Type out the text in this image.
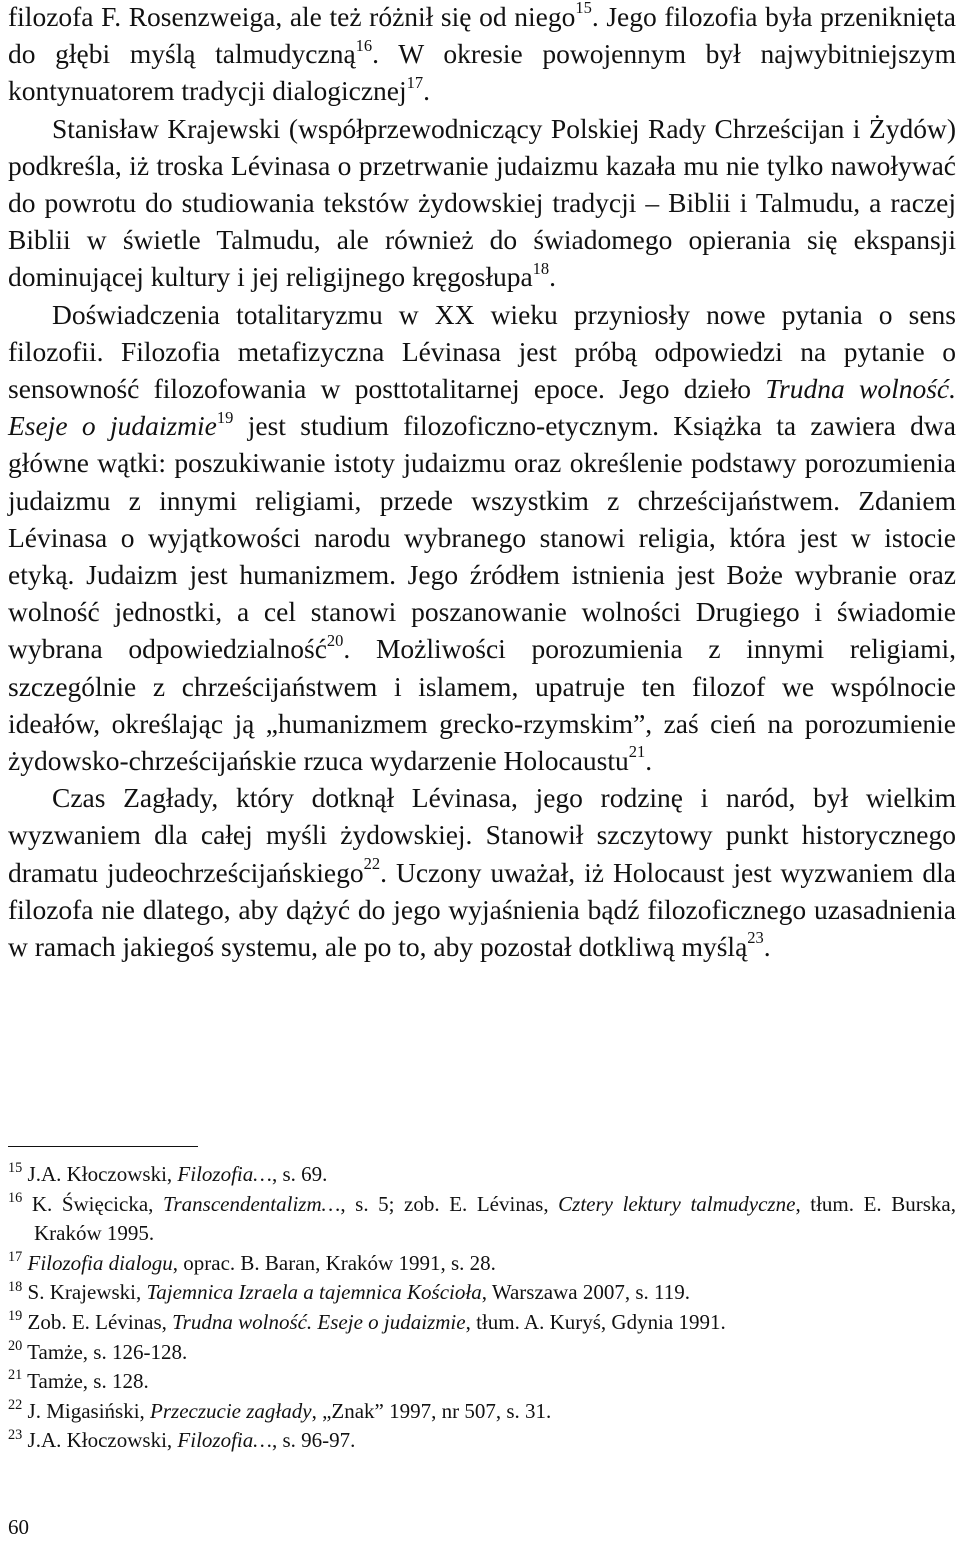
filozofa F. Rosenzweiga, ale też różnił się od niego$^{15}$. Jego filozofia była przeniknięta do głębi myślą talmudyczną$^{16}$. W okresie powojennym był najwybitniejszym kontynuatorem tradycji dialogicznej$^{17}$.

Stanisław Krajewski (współprzewodniczący Polskiej Rady Chrześcijan i Żydów) podkreśla, iż troska Lévinasa o przetrwanie judaizmu kazała mu nie tylko nawoływać do powrotu do studiowania tekstów żydowskiej tradycji – Biblii i Talmudu, a raczej Biblii w świetle Talmudu, ale również do świadomego opierania się ekspansji dominującej kultury i jej religijnego kręgosłupa$^{18}$.

Doświadczenia totalitaryzmu w XX wieku przyniosły nowe pytania o sens filozofii. Filozofia metafizyczna Lévinasa jest próbą odpowiedzi na pytanie o sensowność filozofowania w posttotalitarnej epoce. Jego dzieło Trudna wolność. Eseje o judaizmie$^{19}$ jest studium filozoficzno-etycznym. Książka ta zawiera dwa główne wątki: poszukiwanie istoty judaizmu oraz określenie podstawy porozumienia judaizmu z innymi religiami, przede wszystkim z chrześcijaństwem. Zdaniem Lévinasa o wyjątkowości narodu wybranego stanowi religia, która jest w istocie etyką. Judaizm jest humanizmem. Jego źródłem istnienia jest Boże wybranie oraz wolność jednostki, a cel stanowi poszanowanie wolności Drugiego i świadomie wybrana odpowiedzialność$^{20}$. Możliwości porozumienia z innymi religiami, szczególnie z chrześcijaństwem i islamem, upatruje ten filozof we wspólnocie ideałów, określając ją „humanizmem grecko-rzymskim”, zaś cień na porozumienie żydowsko-chrześcijańskie rzuca wydarzenie Holocaustu$^{21}$.

Czas Zagłady, który dotknął Lévinasa, jego rodzinę i naród, był wielkim wyzwaniem dla całej myśli żydowskiej. Stanowił szczytowy punkt historycznego dramatu judeochrześcijańskiego$^{22}$. Uczony uważał, iż Holocaust jest wyzwaniem dla filozofa nie dlatego, aby dążyć do jego wyjaśnienia bądź filozoficznego uzasadnienia w ramach jakiegoś systemu, ale po to, aby pozostał dotkliwą myślą$^{23}$.

$^{15}$ J.A. Kłoczowski, Filozofia…, s. 69.

$^{16}$ K. Święcicka, Transcendentalizm…, s. 5; zob. E. Lévinas, Cztery lektury talmudyczne, tłum. E. Burska, Kraków 1995.

$^{17}$ Filozofia dialogu, oprac. B. Baran, Kraków 1991, s. 28.

$^{18}$ S. Krajewski, Tajemnica Izraela a tajemnica Kościoła, Warszawa 2007, s. 119.

$^{19}$ Zob. E. Lévinas, Trudna wolność. Eseje o judaizmie, tłum. A. Kuryś, Gdynia 1991.

$^{20}$ Tamże, s. 126-128.

$^{21}$ Tamże, s. 128.

$^{22}$ J. Migasiński, Przeczucie zagłady, „Znak” 1997, nr 507, s. 31.

$^{23}$ J.A. Kłoczowski, Filozofia…, s. 96-97.

60
